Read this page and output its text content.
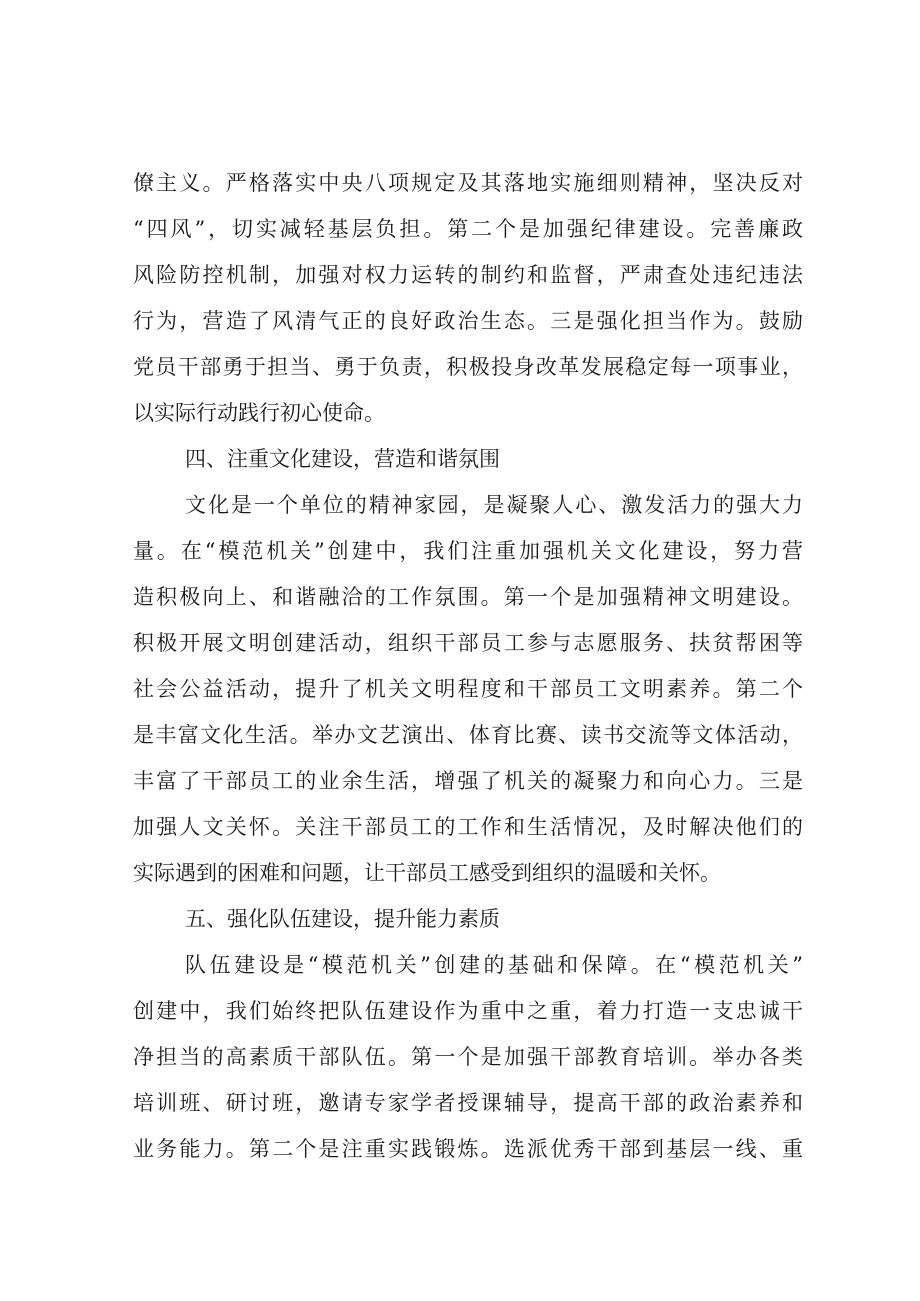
僚主义。严格落实中央八项规定及其落地实施细则精神，坚决反对
“四风”，切实减轻基层负担。第二个是加强纪律建设。完善廉政
风险防控机制，加强对权力运转的制约和监督，严肃查处违纪违法
行为，营造了风清气正的良好政治生态。三是强化担当作为。鼓励
党员干部勇于担当、勇于负责，积极投身改革发展稳定每一项事业，
以实际行动践行初心使命。
四、注重文化建设，营造和谐氛围
文化是一个单位的精神家园，是凝聚人心、激发活力的强大力
量。在“模范机关”创建中，我们注重加强机关文化建设，努力营
造积极向上、和谐融洽的工作氛围。第一个是加强精神文明建设。
积极开展文明创建活动，组织干部员工参与志愿服务、扶贫帮困等
社会公益活动，提升了机关文明程度和干部员工文明素养。第二个
是丰富文化生活。举办文艺演出、体育比赛、读书交流等文体活动，
丰富了干部员工的业余生活，增强了机关的凝聚力和向心力。三是
加强人文关怀。关注干部员工的工作和生活情况，及时解决他们的
实际遇到的困难和问题，让干部员工感受到组织的温暖和关怀。
五、强化队伍建设，提升能力素质
队伍建设是“模范机关”创建的基础和保障。在“模范机关”
创建中，我们始终把队伍建设作为重中之重，着力打造一支忠诚干
净担当的高素质干部队伍。第一个是加强干部教育培训。举办各类
培训班、研讨班，邀请专家学者授课辅导，提高干部的政治素养和
业务能力。第二个是注重实践锻炼。选派优秀干部到基层一线、重
